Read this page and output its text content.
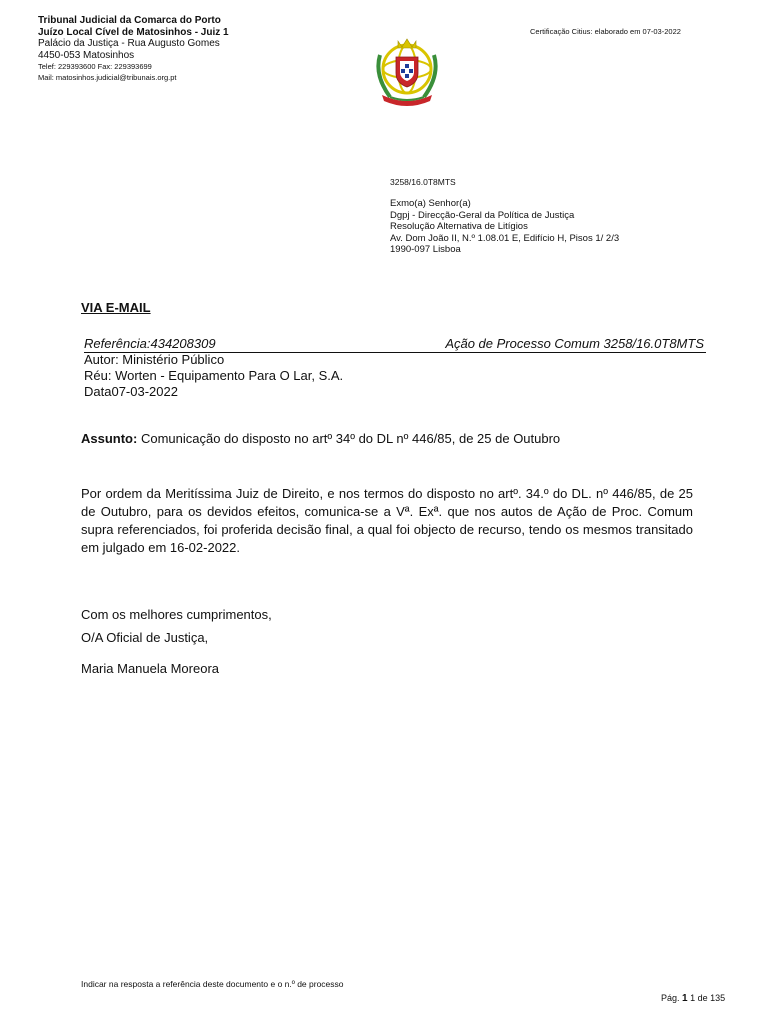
Tribunal Judicial da Comarca do Porto
Juízo Local Cível de Matosinhos - Juiz 1
Palácio da Justiça - Rua Augusto Gomes
4450-053 Matosinhos
Telef: 229393600 Fax: 229393699
Mail: matosinhos.judicial@tribunais.org.pt
Certificação Citius: elaborado em 07-03-2022
3258/16.0T8MTS
Exmo(a) Senhor(a)
Dgpj - Direcção-Geral da Política de Justiça
Resolução Alternativa de Litígios
Av. Dom João II, N.º 1.08.01 E, Edifício H, Pisos 1/ 2/3
1990-097 Lisboa
VIA E-MAIL
Referência:434208309	Ação de Processo Comum 3258/16.0T8MTS
Autor: Ministério Público
Réu: Worten - Equipamento Para O Lar, S.A.
Data07-03-2022
Assunto: Comunicação do disposto no artº 34º do DL nº 446/85, de 25 de Outubro
Por ordem da Meritíssima Juiz de Direito, e nos termos do disposto no artº. 34.º do DL. nº 446/85, de 25 de Outubro, para os devidos efeitos, comunica-se a Vª. Exª. que nos autos de Ação de Proc. Comum supra referenciados, foi proferida decisão final, a qual foi objecto de recurso, tendo os mesmos transitado em julgado em 16-02-2022.
Com os melhores cumprimentos,
O/A Oficial de Justiça,
Maria Manuela Moreora
Indicar na resposta a referência deste documento e o n.º de processo
Pág. 1 1 de 135
